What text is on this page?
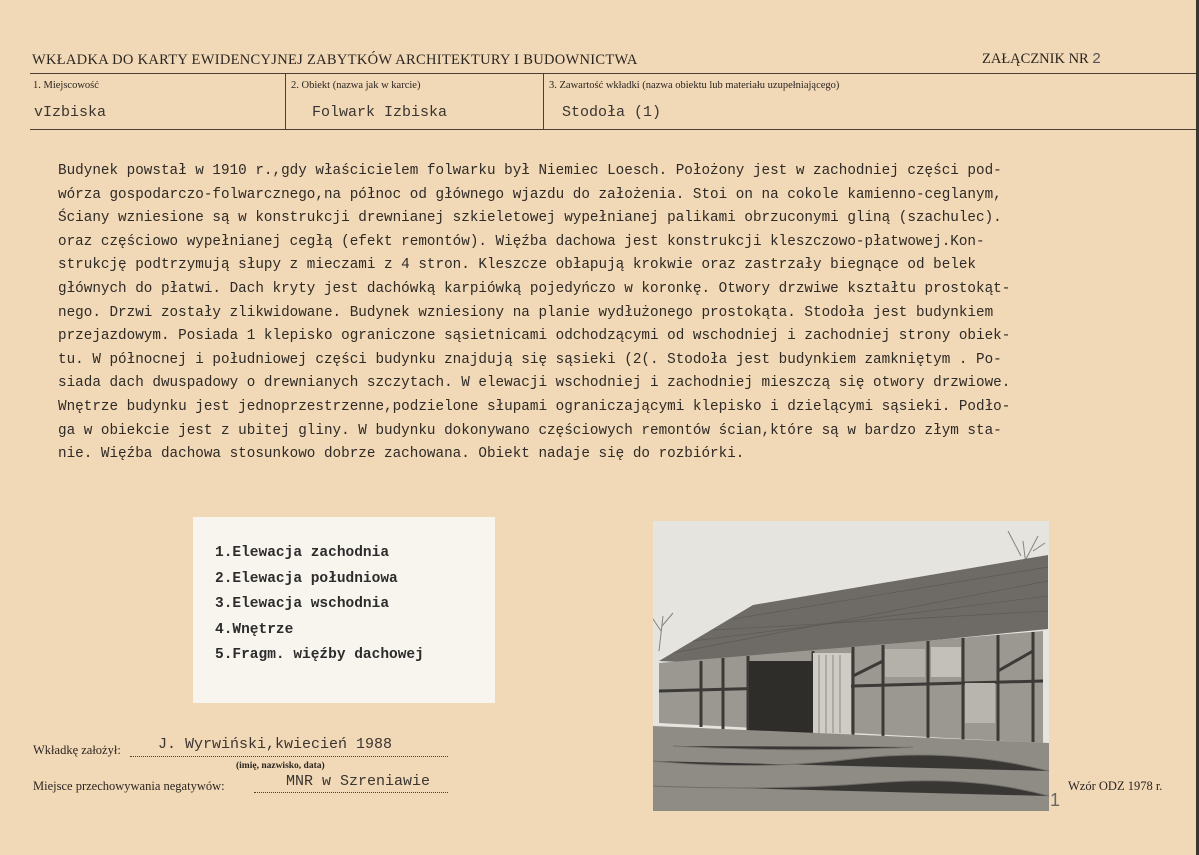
WKŁADKA DO KARTY EWIDENCYJNEJ ZABYTKÓW ARCHITEKTURY I BUDOWNICTWA	ZAŁĄCZNIK NR 2
1. Miejscowość
vIzbiska
2. Obiekt (nazwa jak w karcie)
Folwark Izbiska
3. Zawartość wkładki (nazwa obiektu lub materiału uzupełniającego)
Stodoła (1)
Budynek powstał w 1910 r.,gdy właścicielem folwarku był Niemiec Loesch. Położony jest w zachodniej części pod-
wórza gospodarczo-folwarcznego,na północ od głównego wjazdu do założenia. Stoi on na cokole kamienno-ceglanym,
Ściany wzniesione są w konstrukcji drewnianej szkieletowej wypełnianej palikami obrzuconymi gliną (szachulec).
oraz częściowo wypełnianej cegłą (efekt remontów). Więźba dachowa jest konstrukcji kleszczowo-płatwowej.Kon-
strukcję podtrzymują słupy z mieczami z 4 stron. Kleszcze obłapują krokwie oraz zastrzały biegnące od belek
głównych do płatwi. Dach kryty jest dachówką karpiówką pojedyńczo w koronkę. Otwory drzwiwe kształtu prostokąt-
nego. Drzwi zostały zlikwidowane. Budynek wzniesiony na planie wydłużonego prostokąta. Stodoła jest budynkiem
przejazdowym. Posiada 1 klepisko ograniczone sąsietnicami odchodzącymi od wschodniej i zachodniej strony obiek-
tu. W północnej i południowej części budynku znajdują się sąsieki (2(. Stodoła jest budynkiem zamkniętym . Po-
siada dach dwuspadowy o drewnianych szczytach. W elewacji wschodniej i zachodniej mieszczą się otwory drzwiowe.
Wnętrze budynku jest jednoprzestrzenne,podzielone słupami ograniczającymi klepisko i dzielącymi sąsieki. Podło-
ga w obiekcie jest z ubitej gliny. W budynku dokonywano częściowych remontów ścian,które są w bardzo złym sta-
nie. Więźba dachowa stosunkowo dobrze zachowana. Obiekt nadaje się do rozbiórki.
1.Elewacja zachodnia
2.Elewacja południowa
3.Elewacja wschodnia
4.Wnętrze
5.Fragm. więźby dachowej
Wkładkę założył: J. Wyrwiński,kwiecień 1988
(imię, nazwisko, data)
Miejsce przechowywania negatywów:	MNR w Szreniawie	Wzór ODZ 1978 r.
1
